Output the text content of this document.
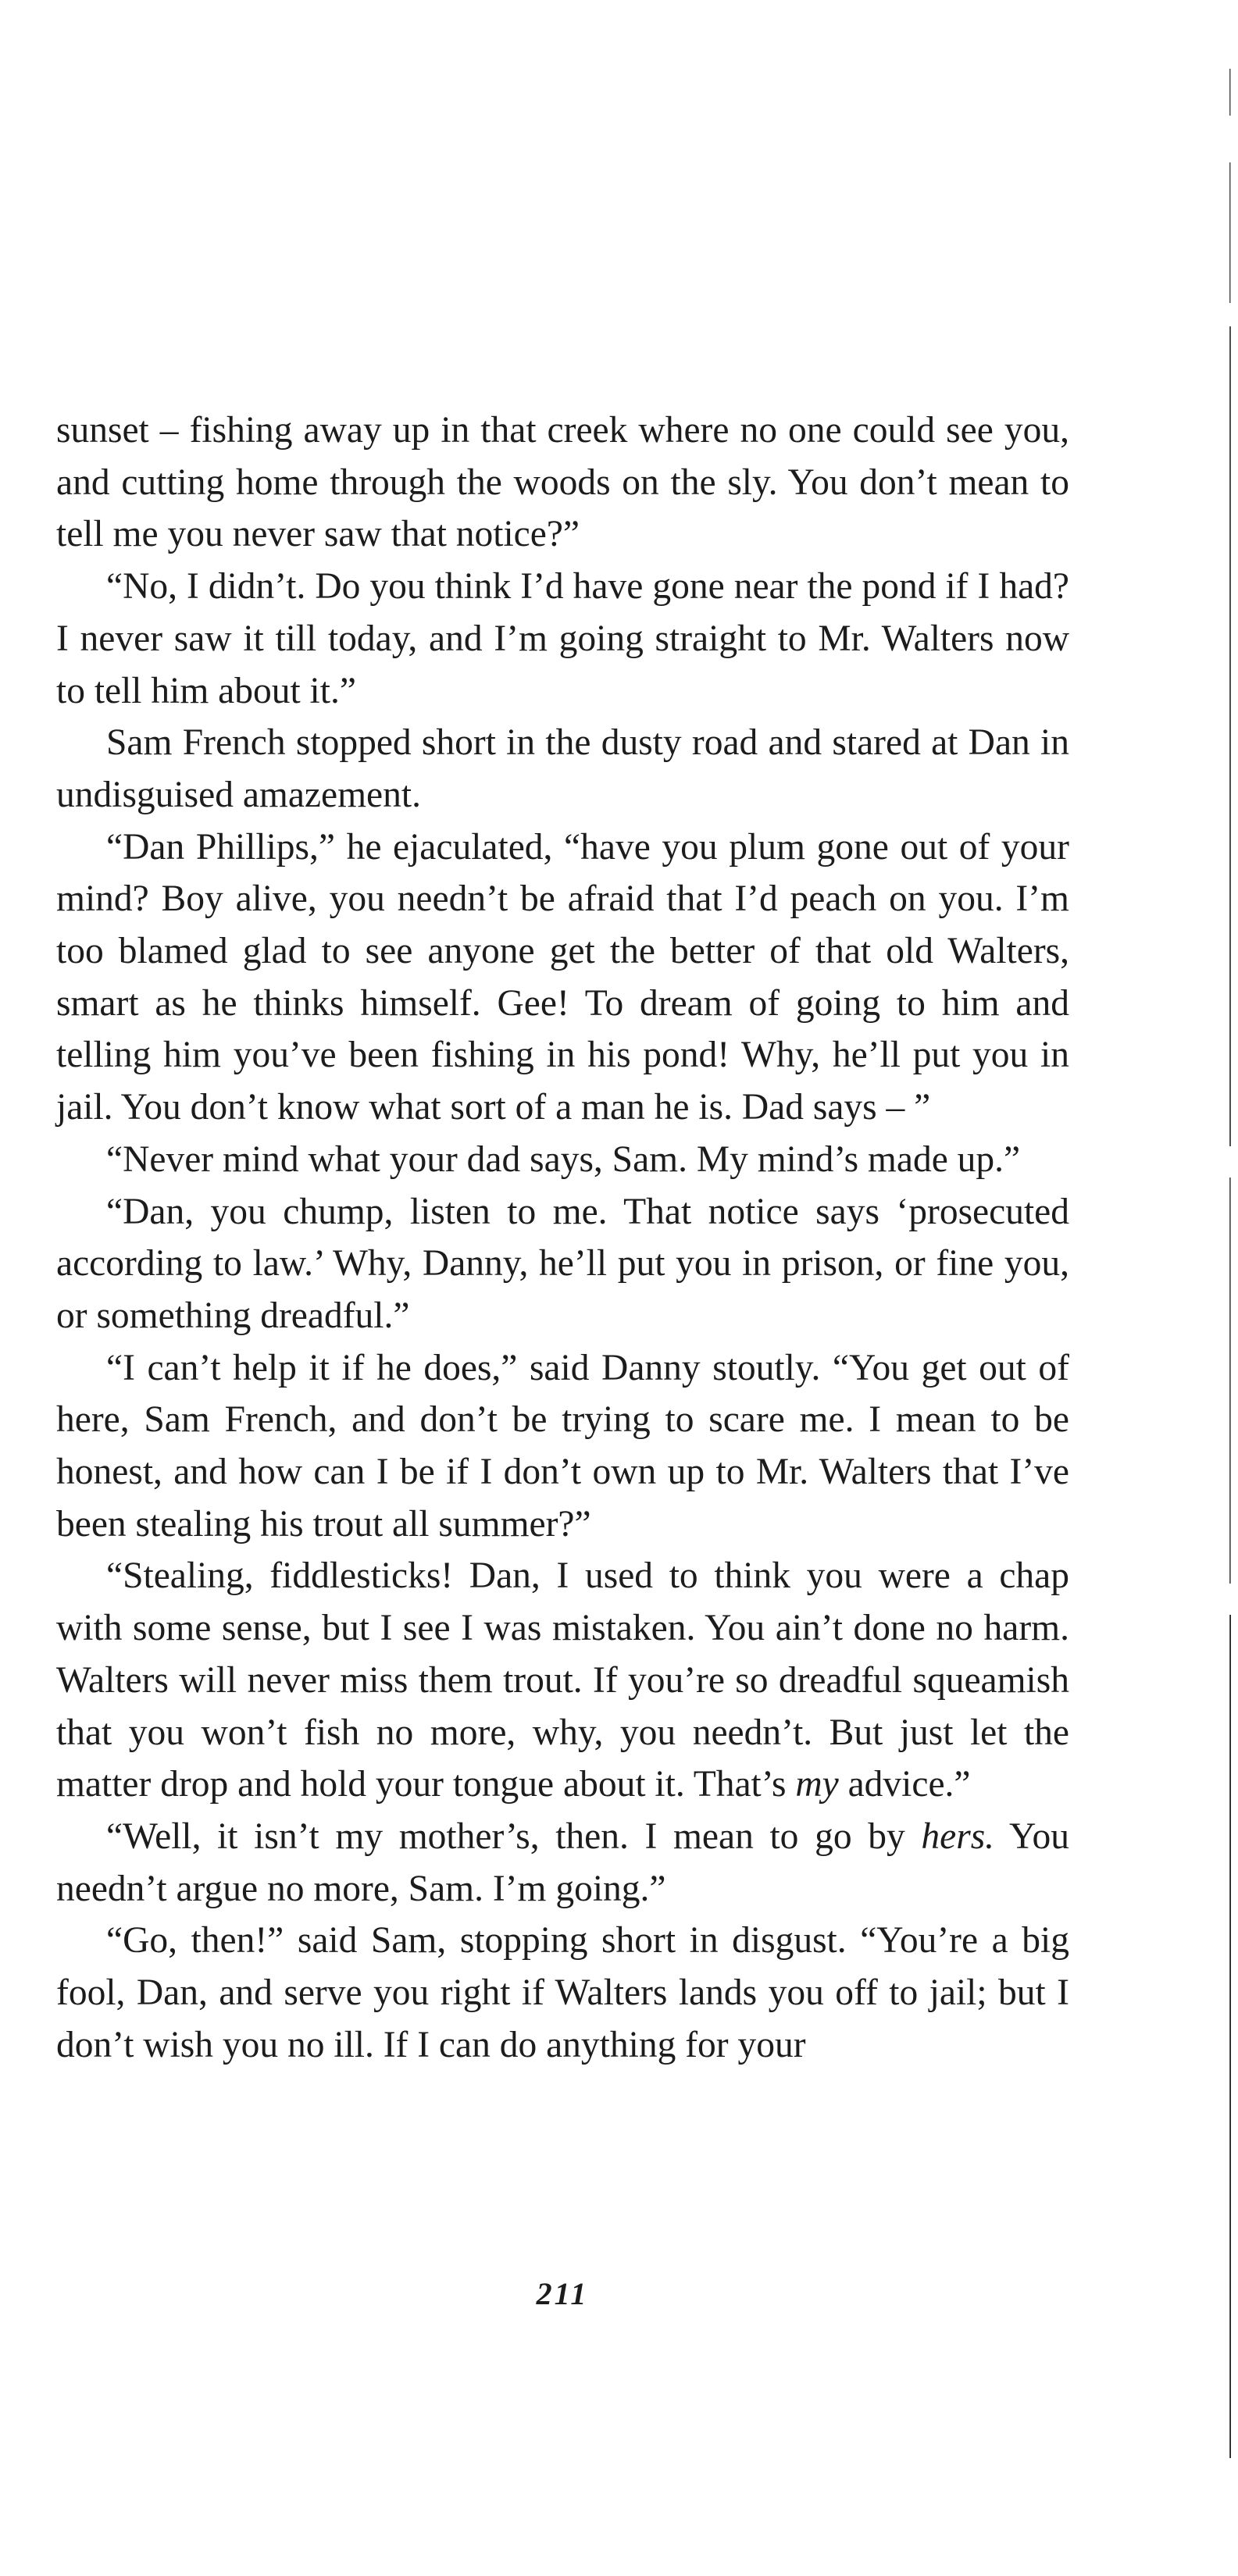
sunset – fishing away up in that creek where no one could see you, and cutting home through the woods on the sly. You don’t mean to tell me you never saw that notice?”

“No, I didn’t. Do you think I’d have gone near the pond if I had? I never saw it till today, and I’m going straight to Mr. Walters now to tell him about it.”

Sam French stopped short in the dusty road and stared at Dan in undisguised amazement.

“Dan Phillips,” he ejaculated, “have you plum gone out of your mind? Boy alive, you needn’t be afraid that I’d peach on you. I’m too blamed glad to see anyone get the better of that old Walters, smart as he thinks himself. Gee! To dream of going to him and telling him you’ve been fishing in his pond! Why, he’ll put you in jail. You don’t know what sort of a man he is. Dad says – ”

“Never mind what your dad says, Sam. My mind’s made up.”

“Dan, you chump, listen to me. That notice says ‘prosecuted according to law.’ Why, Danny, he’ll put you in prison, or fine you, or something dreadful.”

“I can’t help it if he does,” said Danny stoutly. “You get out of here, Sam French, and don’t be trying to scare me. I mean to be honest, and how can I be if I don’t own up to Mr. Walters that I’ve been stealing his trout all summer?”

“Stealing, fiddlesticks! Dan, I used to think you were a chap with some sense, but I see I was mistaken. You ain’t done no harm. Walters will never miss them trout. If you’re so dreadful squeamish that you won’t fish no more, why, you needn’t. But just let the matter drop and hold your tongue about it. That’s my advice.”

“Well, it isn’t my mother’s, then. I mean to go by hers. You needn’t argue no more, Sam. I’m going.”

“Go, then!” said Sam, stopping short in disgust. “You’re a big fool, Dan, and serve you right if Walters lands you off to jail; but I don’t wish you no ill. If I can do anything for your

211
